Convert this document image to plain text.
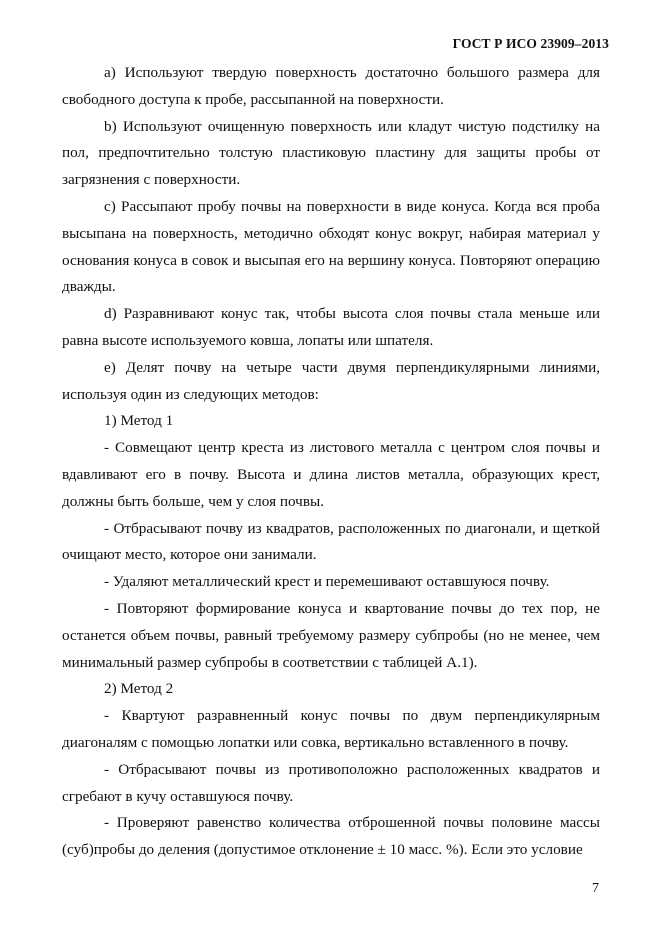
ГОСТ Р ИСО 23909–2013

а) Используют твердую поверхность достаточно большого размера для свободного доступа к пробе, рассыпанной на поверхности.

b) Используют очищенную поверхность или кладут чистую подстилку на пол, предпочтительно толстую пластиковую пластину для защиты пробы от загрязнения с поверхности.

c) Рассыпают пробу почвы на поверхности в виде конуса. Когда вся проба высыпана на поверхность, методично обходят конус вокруг, набирая материал у основания конуса в совок и высыпая его на вершину конуса. Повторяют операцию дважды.

d) Разравнивают конус так, чтобы высота слоя почвы стала меньше или равна высоте используемого ковша, лопаты или шпателя.

е) Делят почву на четыре части двумя перпендикулярными линиями, используя один из следующих методов:

1) Метод 1

- Совмещают центр креста из листового металла с центром слоя почвы и вдавливают его в почву. Высота и длина листов металла, образующих крест, должны быть больше, чем у слоя почвы.

- Отбрасывают почву из квадратов, расположенных по диагонали, и щеткой очищают место, которое они занимали.

- Удаляют металлический крест и перемешивают оставшуюся почву.

- Повторяют формирование конуса и квартование почвы до тех пор, не останется объем почвы, равный требуемому размеру субпробы (но не менее, чем минимальный размер субпробы в соответствии с таблицей А.1).

2) Метод 2

- Квартуют разравненный конус почвы по двум перпендикулярным диагоналям с помощью лопатки или совка, вертикально вставленного в почву.

- Отбрасывают почвы из противоположно расположенных квадратов и сгребают в кучу оставшуюся почву.

- Проверяют равенство количества отброшенной почвы половине массы (суб)пробы до деления (допустимое отклонение ± 10 масс. %). Если это условие

7
